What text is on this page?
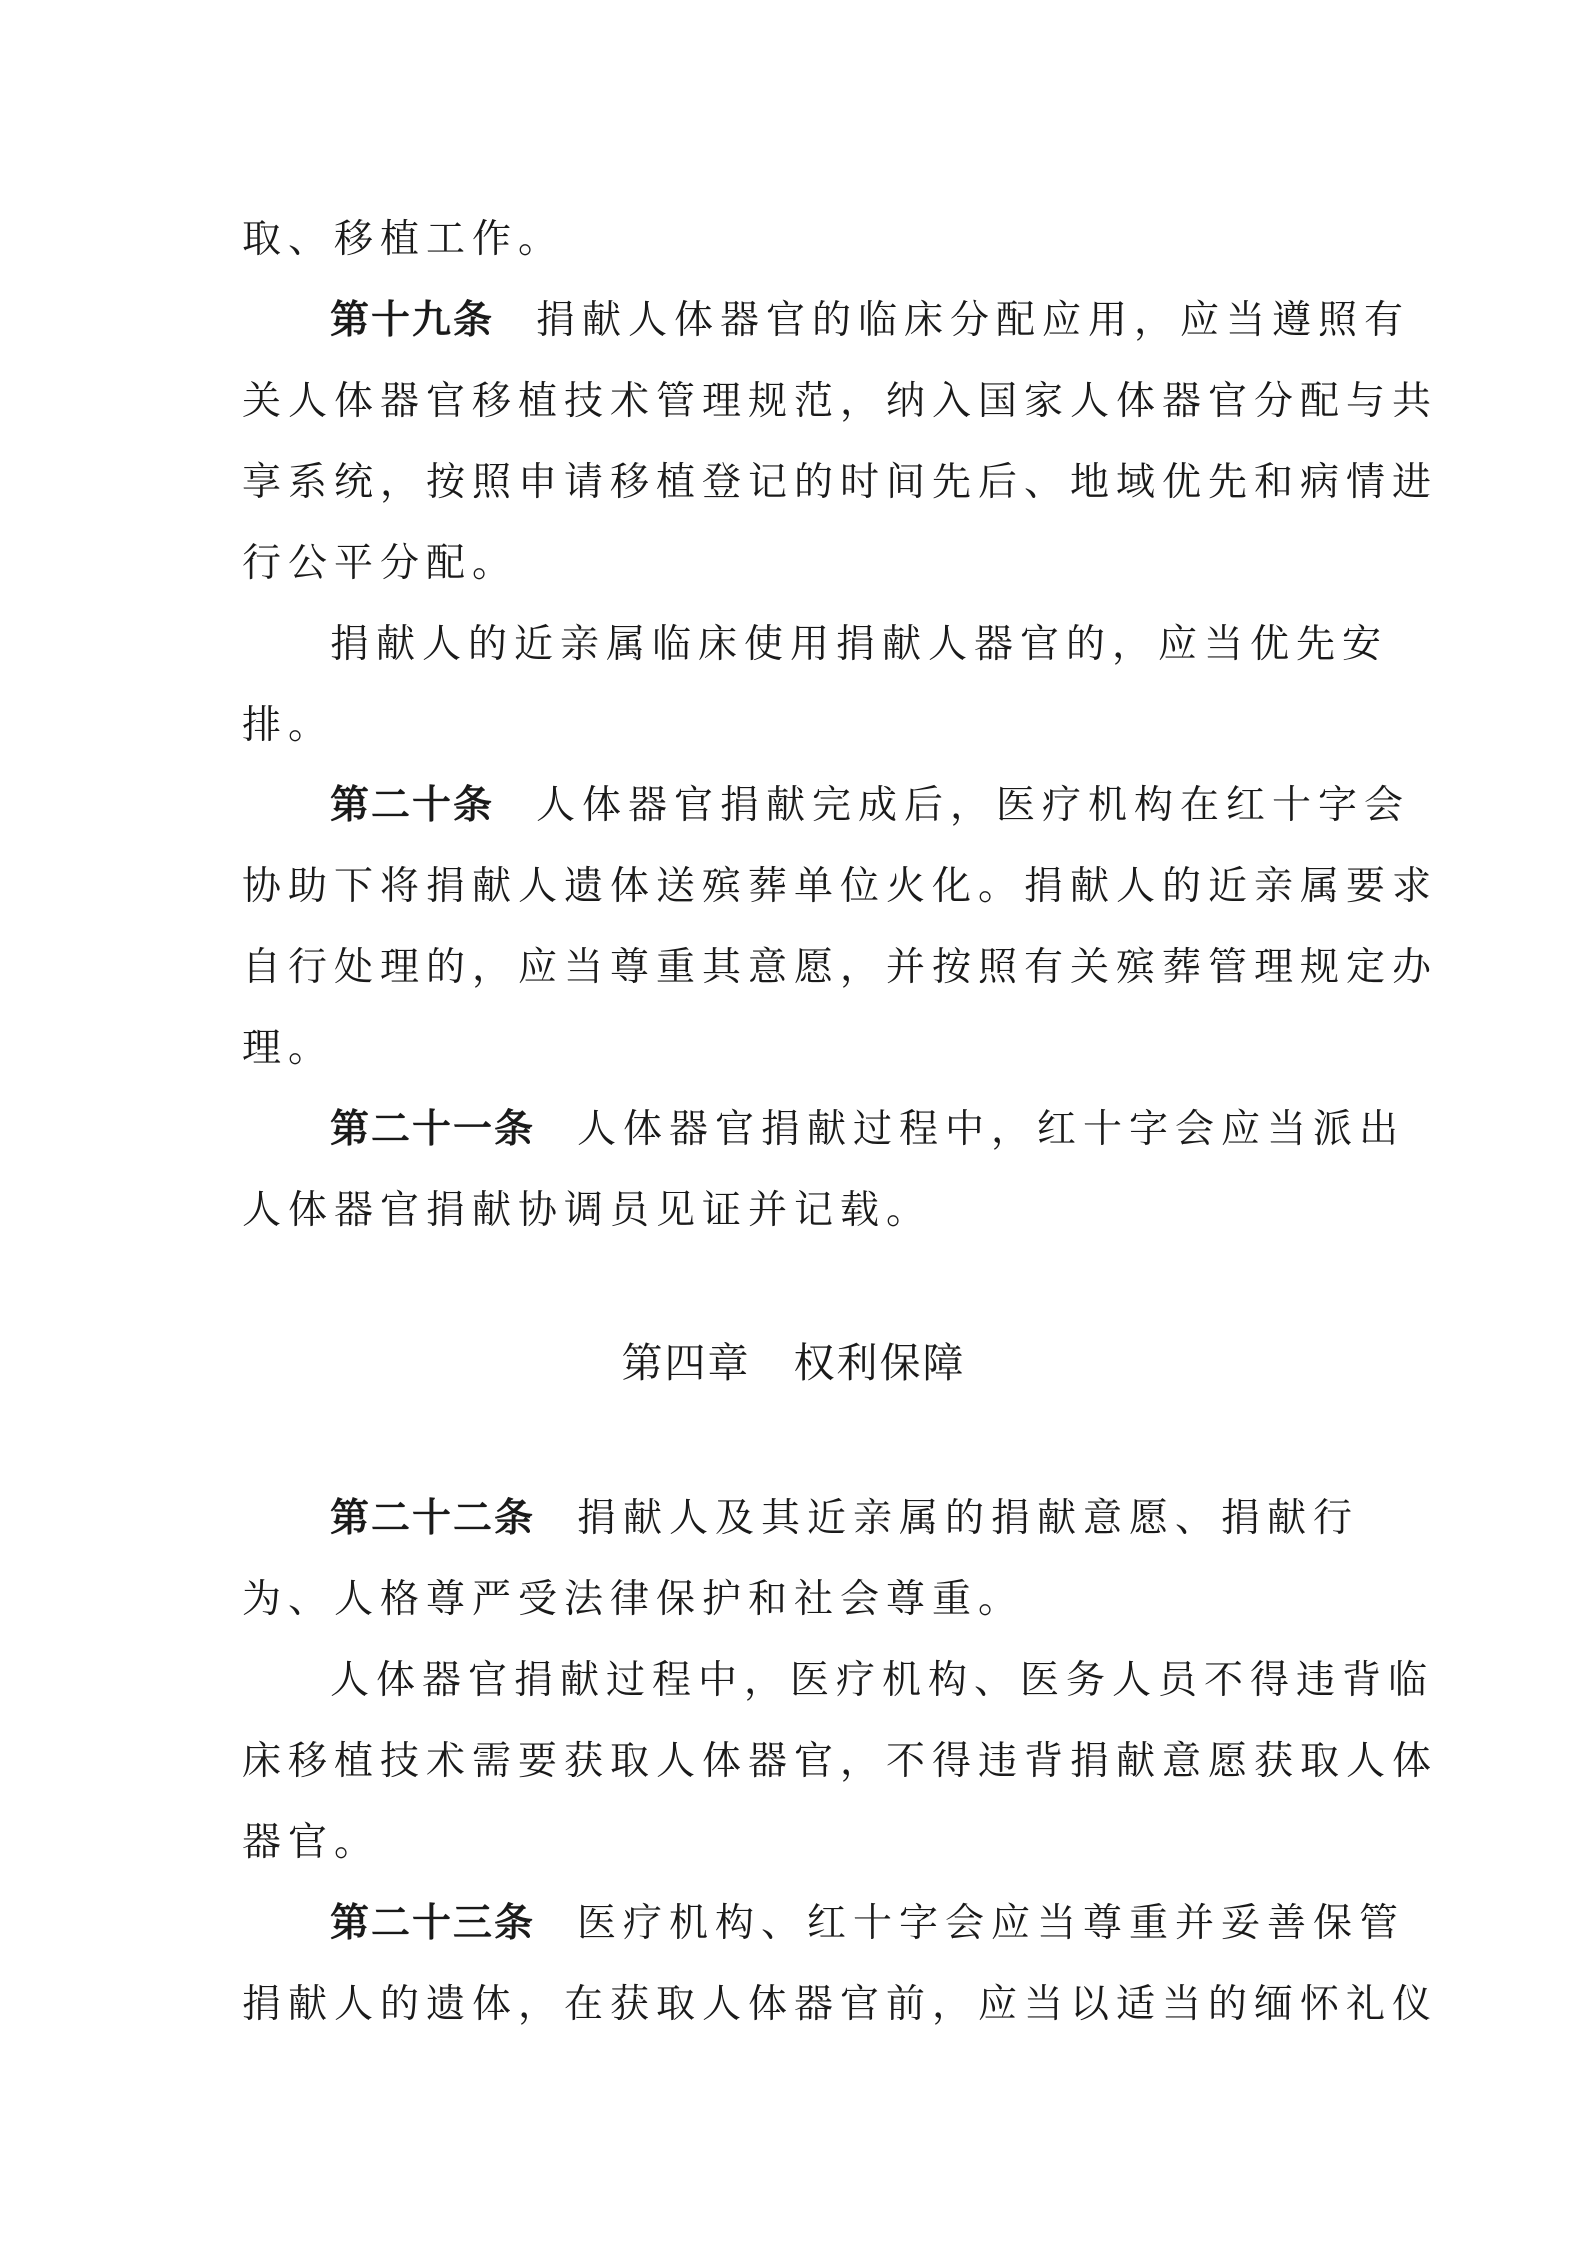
取、移植工作。
第十九条 捐献人体器官的临床分配应用，应当遵照有
关人体器官移植技术管理规范，纳入国家人体器官分配与共
享系统，按照申请移植登记的时间先后、地域优先和病情进
行公平分配。
捐献人的近亲属临床使用捐献人器官的，应当优先安
排。
第二十条 人体器官捐献完成后，医疗机构在红十字会
协助下将捐献人遗体送殡葬单位火化。捐献人的近亲属要求
自行处理的，应当尊重其意愿，并按照有关殡葬管理规定办
理。
第二十一条 人体器官捐献过程中，红十字会应当派出
人体器官捐献协调员见证并记载。
第四章　权利保障
第二十二条 捐献人及其近亲属的捐献意愿、捐献行
为、人格尊严受法律保护和社会尊重。
人体器官捐献过程中，医疗机构、医务人员不得违背临
床移植技术需要获取人体器官，不得违背捐献意愿获取人体
器官。
第二十三条 医疗机构、红十字会应当尊重并妥善保管
捐献人的遗体，在获取人体器官前，应当以适当的缅怀礼仪
